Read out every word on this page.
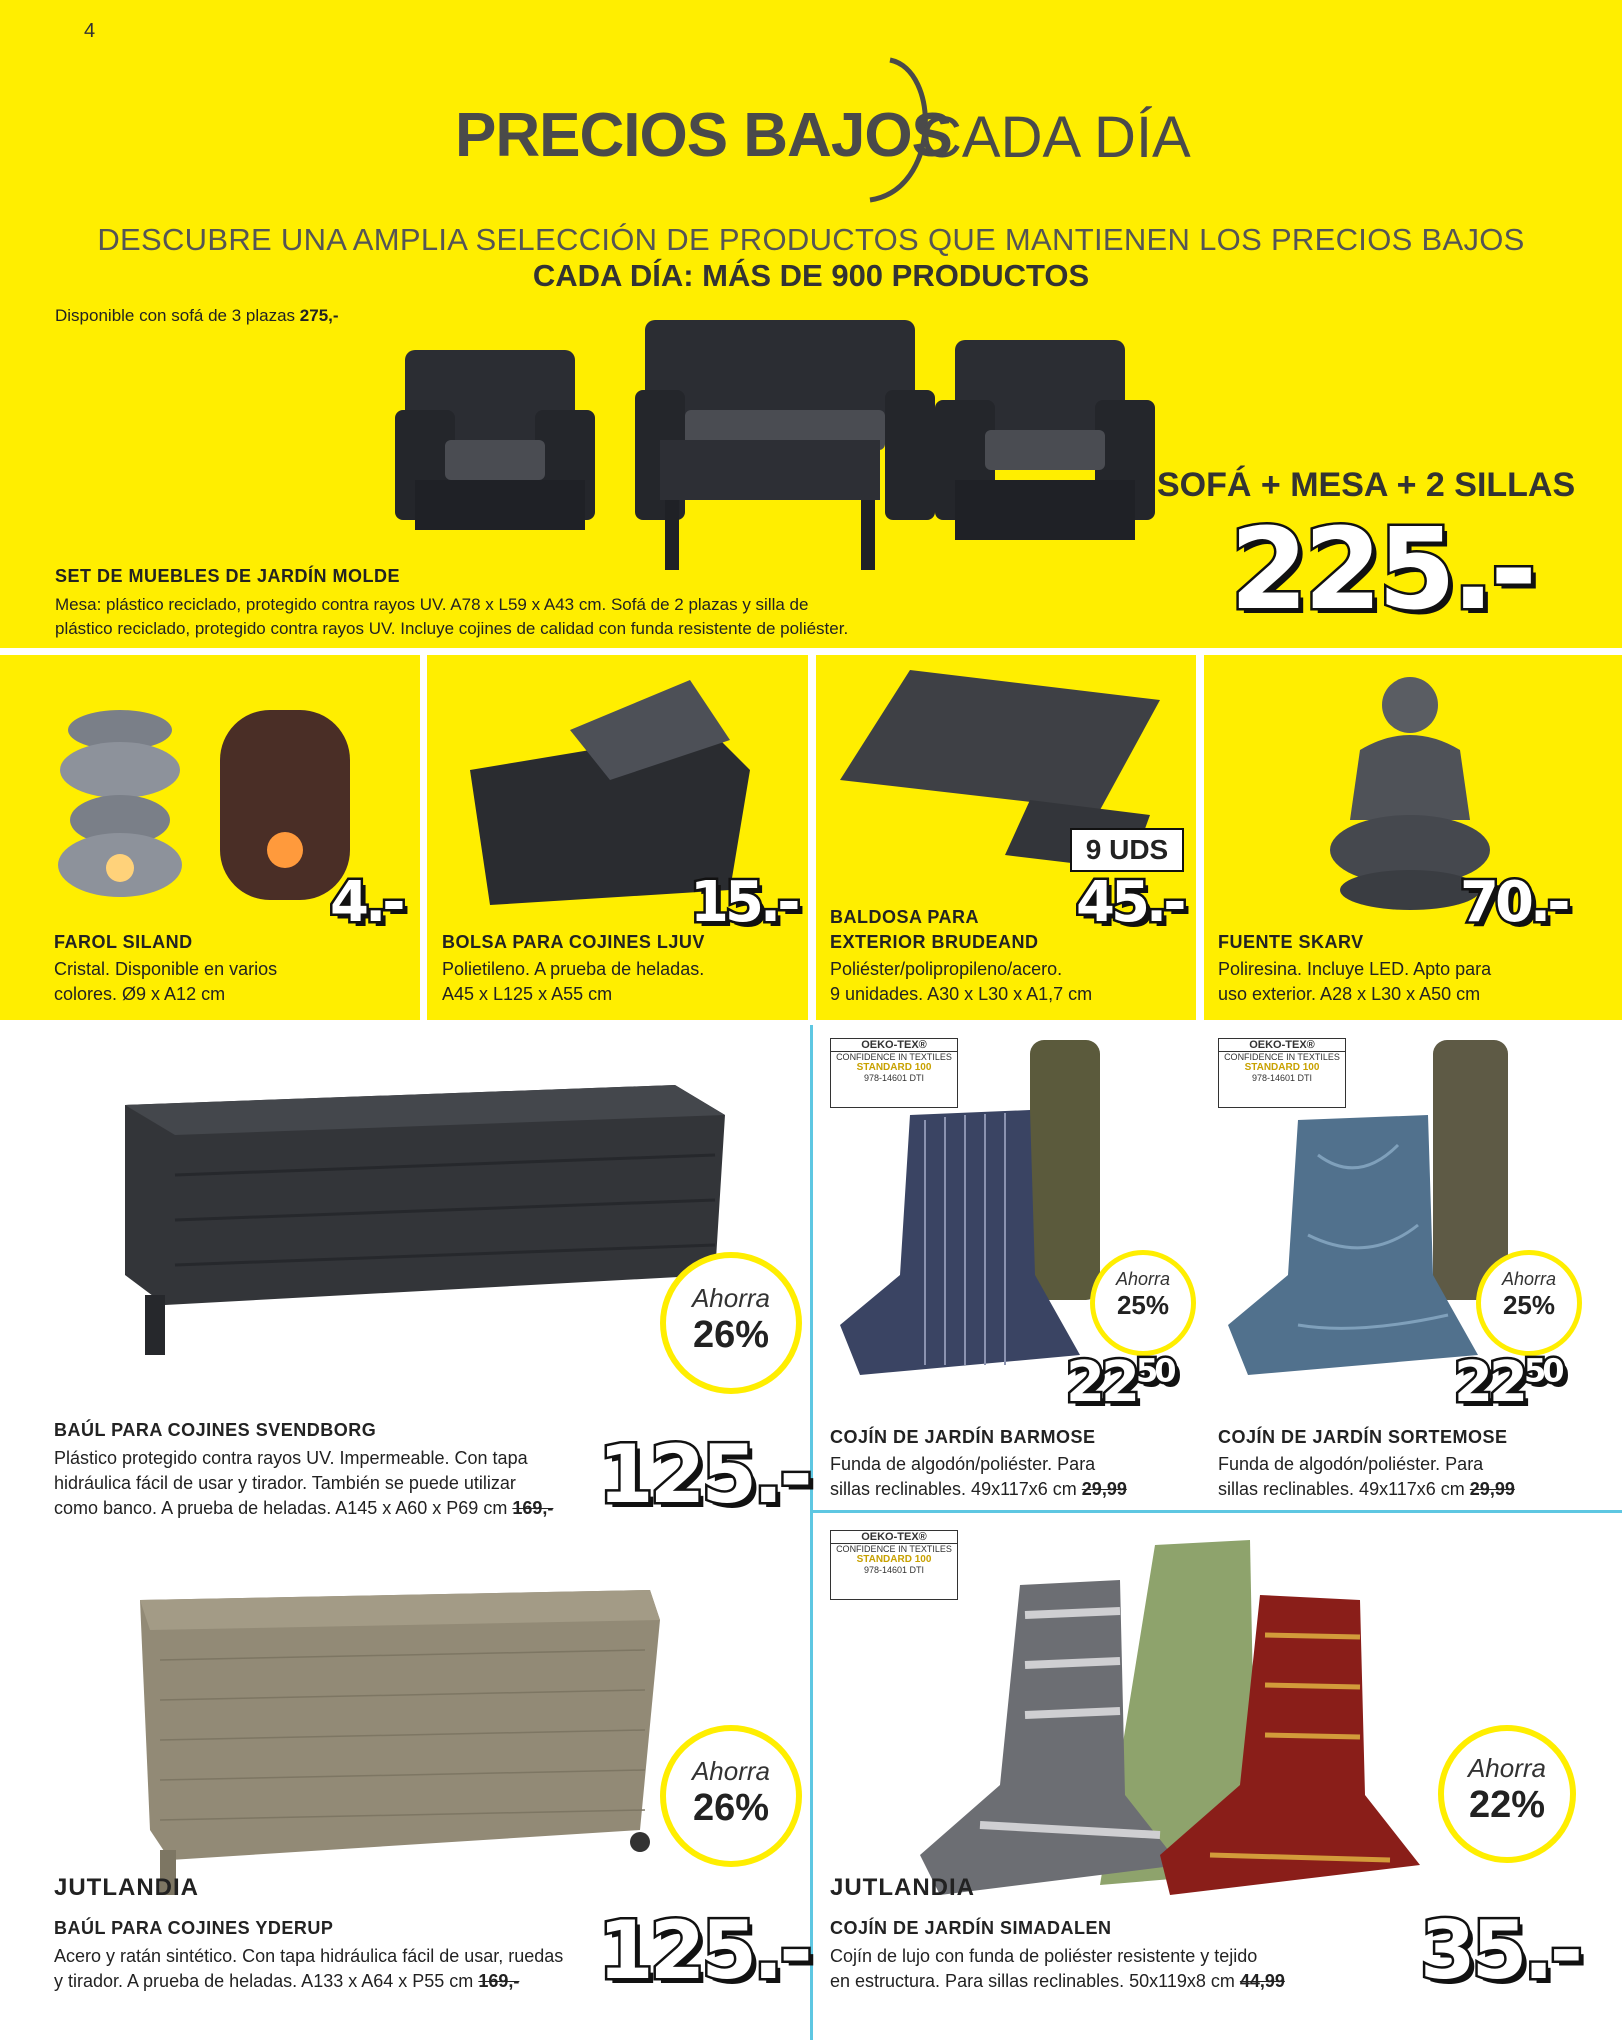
4
PRECIOS BAJOS
CADA DÍA
DESCUBRE UNA AMPLIA SELECCIÓN DE PRODUCTOS QUE MANTIENEN LOS PRECIOS BAJOS
CADA DÍA: MÁS DE 900 PRODUCTOS
Disponible con sofá de 3 plazas 275,-
SOFÁ + MESA + 2 SILLAS
225.-
SET DE MUEBLES DE JARDÍN MOLDE
Mesa: plástico reciclado, protegido contra rayos UV. A78 x L59 x A43 cm. Sofá de 2 plazas y silla de
plástico reciclado, protegido contra rayos UV. Incluye cojines de calidad con funda resistente de poliéster.
4.-	15.-
9 UDS
45.-	70.-
FAROL SILAND
Cristal. Disponible en varios
colores. Ø9 x A12 cm
BOLSA PARA COJINES LJUV
Polietileno. A prueba de heladas.
A45 x L125 x A55 cm
BALDOSA PARA
EXTERIOR BRUDEAND
Poliéster/polipropileno/acero.
9 unidades. A30 x L30 x A1,7 cm
FUENTE SKARV
Poliresina. Incluye LED. Apto para
uso exterior. A28 x L30 x A50 cm
Ahorra
26%
BAÚL PARA COJINES SVENDBORG
Plástico protegido contra rayos UV. Impermeable. Con tapa
hidráulica fácil de usar y tirador. También se puede utilizar
como banco. A prueba de heladas. A145 x A60 x P69 cm 169,- 125.-
OEKO-TEX®
CONFIDENCE IN TEXTILES
STANDARD 100
978-14601 DTI
Ahorra
25%
$22^{50}$
COJÍN DE JARDÍN BARMOSE
Funda de algodón/poliéster. Para
sillas reclinables. 49x117x6 cm 29,99
OEKO-TEX®
CONFIDENCE IN TEXTILES
STANDARD 100
978-14601 DTI
Ahorra
25%
$22^{50}$
COJÍN DE JARDÍN SORTEMOSE
Funda de algodón/poliéster. Para
sillas reclinables. 49x117x6 cm 29,99
Ahorra
26%
JUTLANDIA
BAÚL PARA COJINES YDERUP
Acero y ratán sintético. Con tapa hidráulica fácil de usar, ruedas
y tirador. A prueba de heladas. A133 x A64 x P55 cm 169,- 125.-
OEKO-TEX®
CONFIDENCE IN TEXTILES
STANDARD 100
978-14601 DTI
Ahorra
22%
JUTLANDIA
COJÍN DE JARDÍN SIMADALEN
Cojín de lujo con funda de poliéster resistente y tejido
en estructura. Para sillas reclinables. 50x119x8 cm 44,99 35.-
